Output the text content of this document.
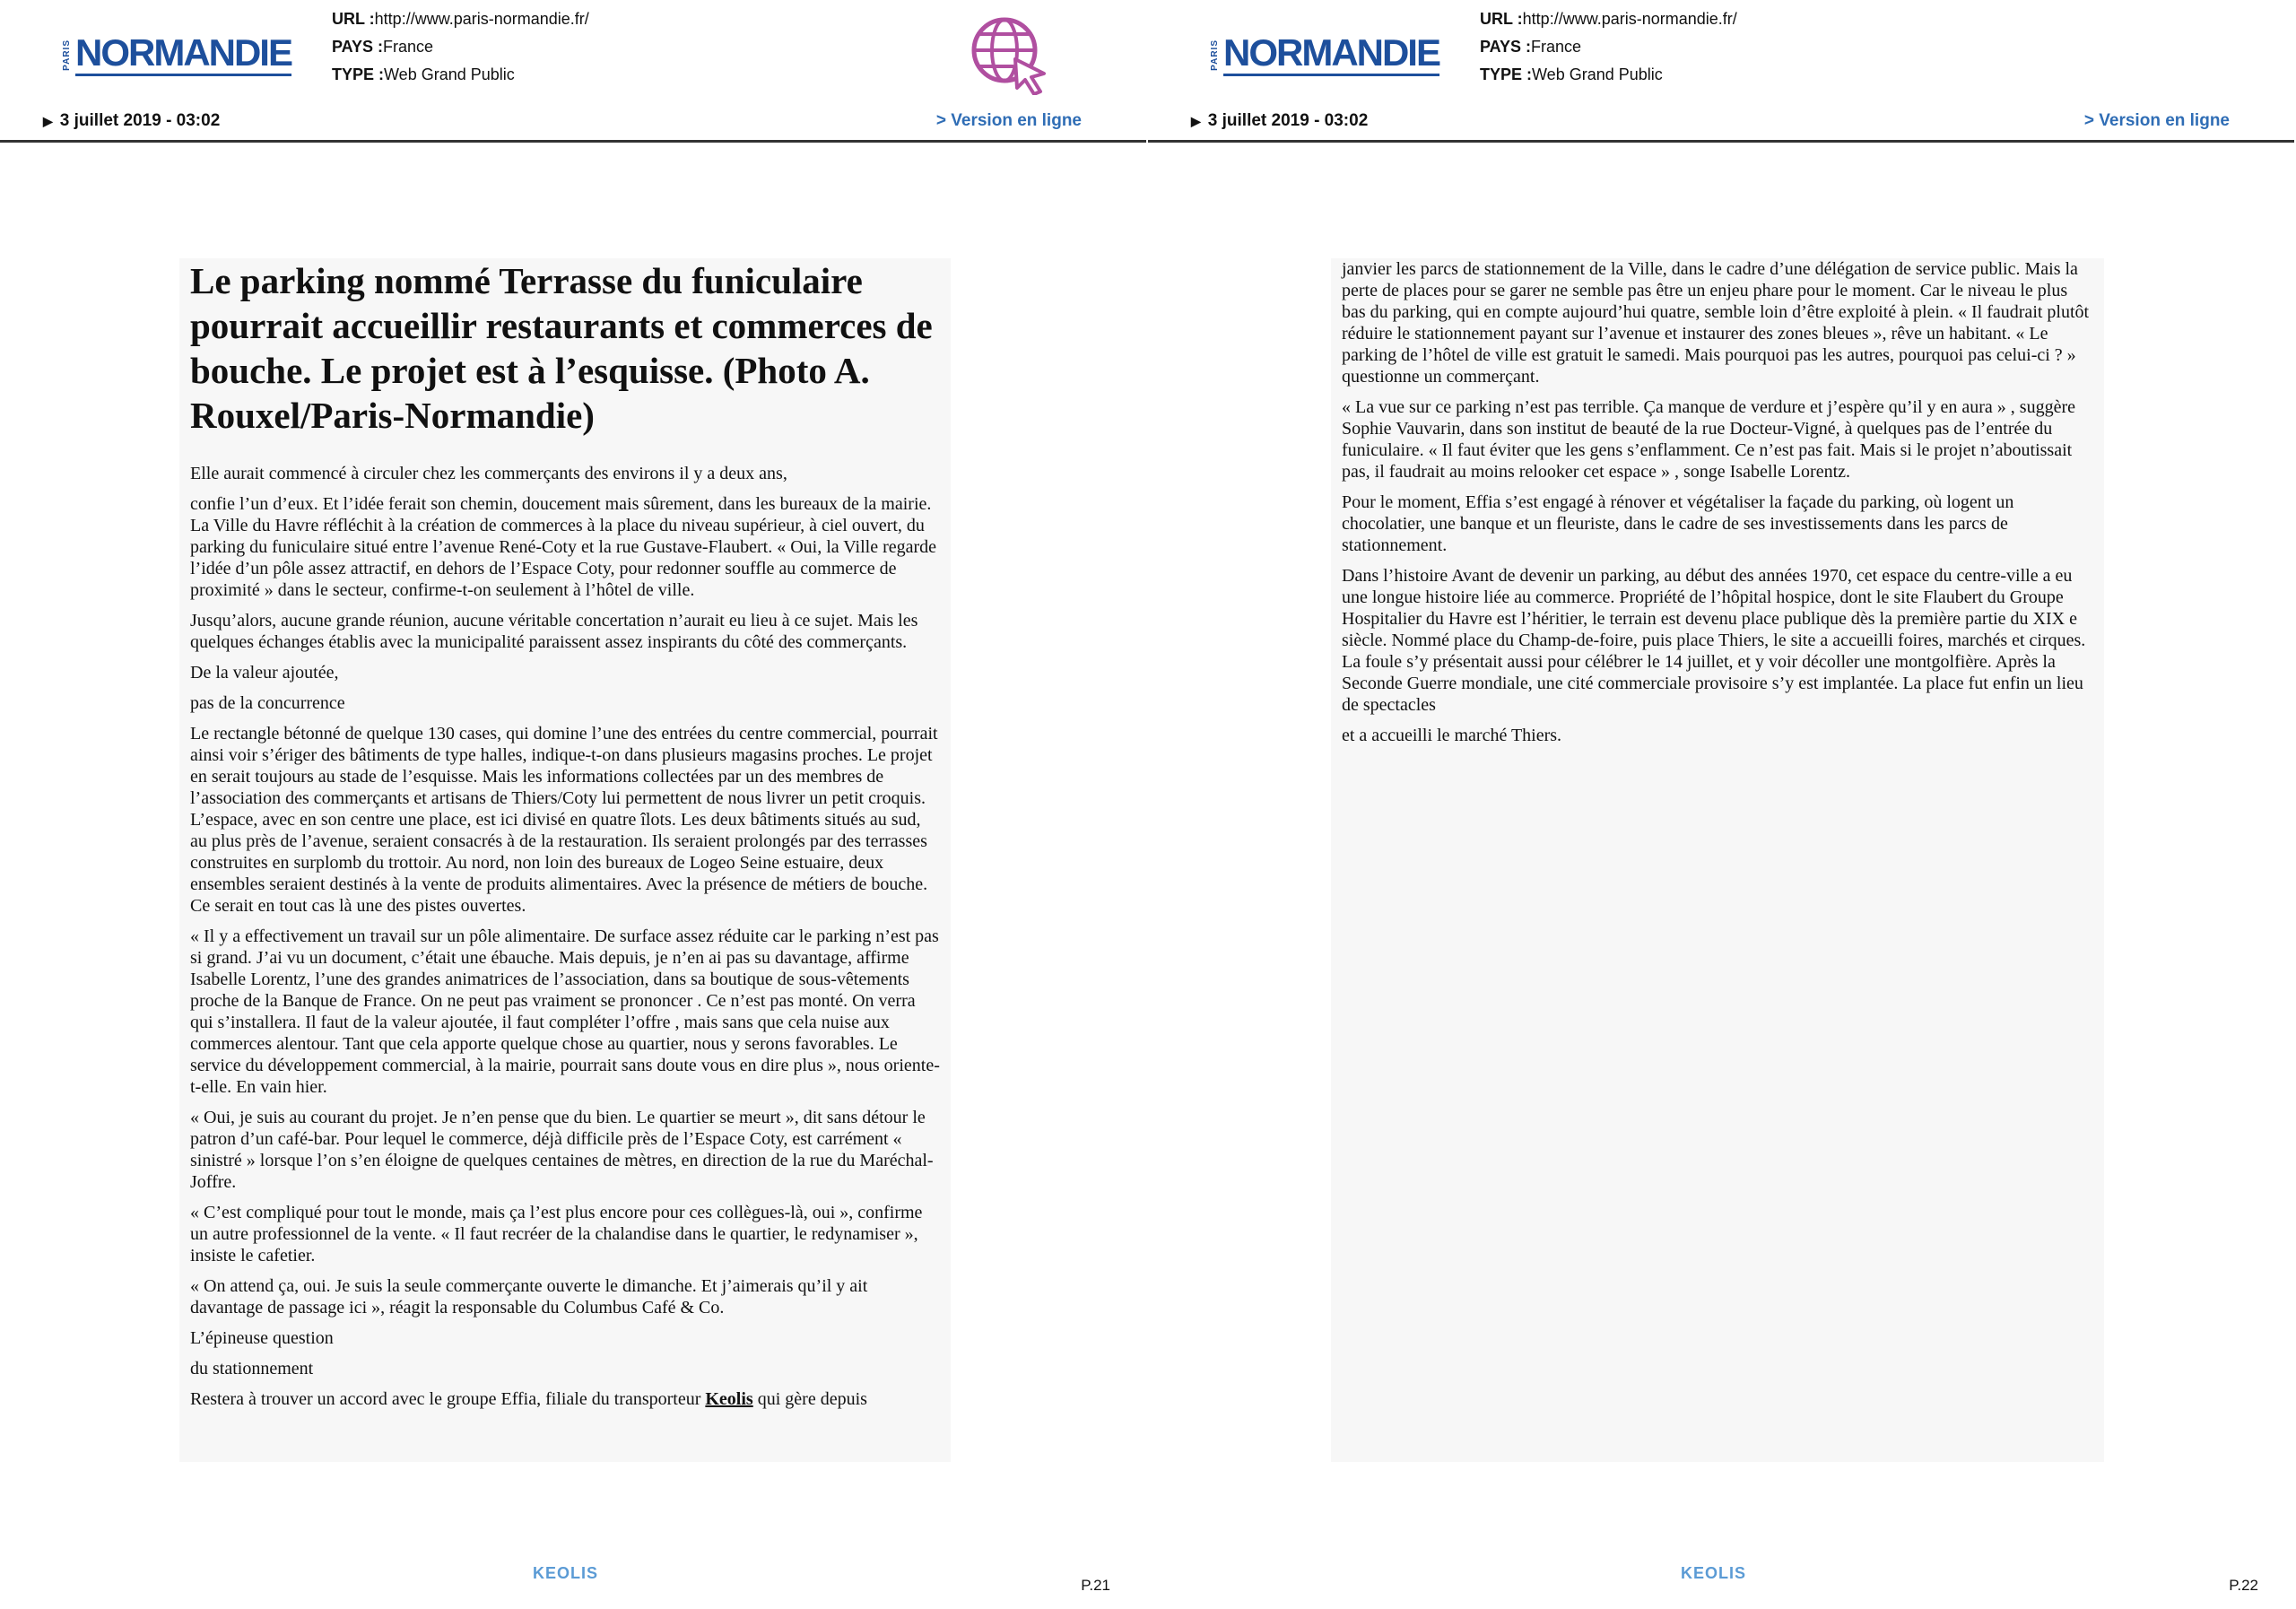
PARIS NORMANDIE
URL :http://www.paris-normandie.fr/
PAYS :France
TYPE :Web Grand Public
▶ 3 juillet 2019 - 03:02	> Version en ligne
Le parking nommé Terrasse du funiculaire pourrait accueillir restaurants et commerces de bouche. Le projet est à l’esquisse. (Photo A. Rouxel/Paris-Normandie)

Elle aurait commencé à circuler chez les commerçants des environs il y a deux ans,

confie l’un d’eux. Et l’idée ferait son chemin, doucement mais sûrement, dans les bureaux de la mairie. La Ville du Havre réfléchit à la création de commerces à la place du niveau supérieur, à ciel ouvert, du parking du funiculaire situé entre l’avenue René-Coty et la rue Gustave-Flaubert. « Oui, la Ville regarde l’idée d’un pôle assez attractif, en dehors de l’Espace Coty, pour redonner souffle au commerce de proximité » dans le secteur, confirme-t-on seulement à l’hôtel de ville.

Jusqu’alors, aucune grande réunion, aucune véritable concertation n’aurait eu lieu à ce sujet. Mais les quelques échanges établis avec la municipalité paraissent assez inspirants du côté des commerçants.

De la valeur ajoutée,

pas de la concurrence

Le rectangle bétonné de quelque 130 cases, qui domine l’une des entrées du centre commercial, pourrait ainsi voir s’ériger des bâtiments de type halles, indique-t-on dans plusieurs magasins proches. Le projet en serait toujours au stade de l’esquisse. Mais les informations collectées par un des membres de l’association des commerçants et artisans de Thiers/Coty lui permettent de nous livrer un petit croquis. L’espace, avec en son centre une place, est ici divisé en quatre îlots. Les deux bâtiments situés au sud, au plus près de l’avenue, seraient consacrés à de la restauration. Ils seraient prolongés par des terrasses construites en surplomb du trottoir. Au nord, non loin des bureaux de Logeo Seine estuaire, deux ensembles seraient destinés à la vente de produits alimentaires. Avec la présence de métiers de bouche. Ce serait en tout cas là une des pistes ouvertes.

« Il y a effectivement un travail sur un pôle alimentaire. De surface assez réduite car le parking n’est pas si grand. J’ai vu un document, c’était une ébauche. Mais depuis, je n’en ai pas su davantage, affirme Isabelle Lorentz, l’une des grandes animatrices de l’association, dans sa boutique de sous-vêtements proche de la Banque de France. On ne peut pas vraiment se prononcer . Ce n’est pas monté. On verra qui s’installera. Il faut de la valeur ajoutée, il faut compléter l’offre , mais sans que cela nuise aux commerces alentour. Tant que cela apporte quelque chose au quartier, nous y serons favorables. Le service du développement commercial, à la mairie, pourrait sans doute vous en dire plus », nous oriente-t-elle. En vain hier.

« Oui, je suis au courant du projet. Je n’en pense que du bien. Le quartier se meurt », dit sans détour le patron d’un café-bar. Pour lequel le commerce, déjà difficile près de l’Espace Coty, est carrément « sinistré » lorsque l’on s’en éloigne de quelques centaines de mètres, en direction de la rue du Maréchal-Joffre.

« C’est compliqué pour tout le monde, mais ça l’est plus encore pour ces collègues-là, oui », confirme un autre professionnel de la vente. « Il faut recréer de la chalandise dans le quartier, le redynamiser », insiste le cafetier.

« On attend ça, oui. Je suis la seule commerçante ouverte le dimanche. Et j’aimerais qu’il y ait davantage de passage ici », réagit la responsable du Columbus Café & Co.

L’épineuse question

du stationnement

Restera à trouver un accord avec le groupe Effia, filiale du transporteur Keolis qui gère depuis

KEOLIS
P.21
PARIS NORMANDIE
URL :http://www.paris-normandie.fr/
PAYS :France
TYPE :Web Grand Public
▶ 3 juillet 2019 - 03:02	> Version en ligne

janvier les parcs de stationnement de la Ville, dans le cadre d’une délégation de service public. Mais la perte de places pour se garer ne semble pas être un enjeu phare pour le moment. Car le niveau le plus bas du parking, qui en compte aujourd’hui quatre, semble loin d’être exploité à plein. « Il faudrait plutôt réduire le stationnement payant sur l’avenue et instaurer des zones bleues », rêve un habitant. « Le parking de l’hôtel de ville est gratuit le samedi. Mais pourquoi pas les autres, pourquoi pas celui-ci ? » questionne un commerçant.

« La vue sur ce parking n’est pas terrible. Ça manque de verdure et j’espère qu’il y en aura » , suggère Sophie Vauvarin, dans son institut de beauté de la rue Docteur-Vigné, à quelques pas de l’entrée du funiculaire. « Il faut éviter que les gens s’enflamment. Ce n’est pas fait. Mais si le projet n’aboutissait pas, il faudrait au moins relooker cet espace » , songe Isabelle Lorentz.

Pour le moment, Effia s’est engagé à rénover et végétaliser la façade du parking, où logent un chocolatier, une banque et un fleuriste, dans le cadre de ses investissements dans les parcs de stationnement.

Dans l’histoire Avant de devenir un parking, au début des années 1970, cet espace du centre-ville a eu une longue histoire liée au commerce. Propriété de l’hôpital hospice, dont le site Flaubert du Groupe Hospitalier du Havre est l’héritier, le terrain est devenu place publique dès la première partie du XIX e siècle. Nommé place du Champ-de-foire, puis place Thiers, le site a accueilli foires, marchés et cirques. La foule s’y présentait aussi pour célébrer le 14 juillet, et y voir décoller une montgolfière. Après la Seconde Guerre mondiale, une cité commerciale provisoire s’y est implantée. La place fut enfin un lieu de spectacles

et a accueilli le marché Thiers.

KEOLIS
P.22
